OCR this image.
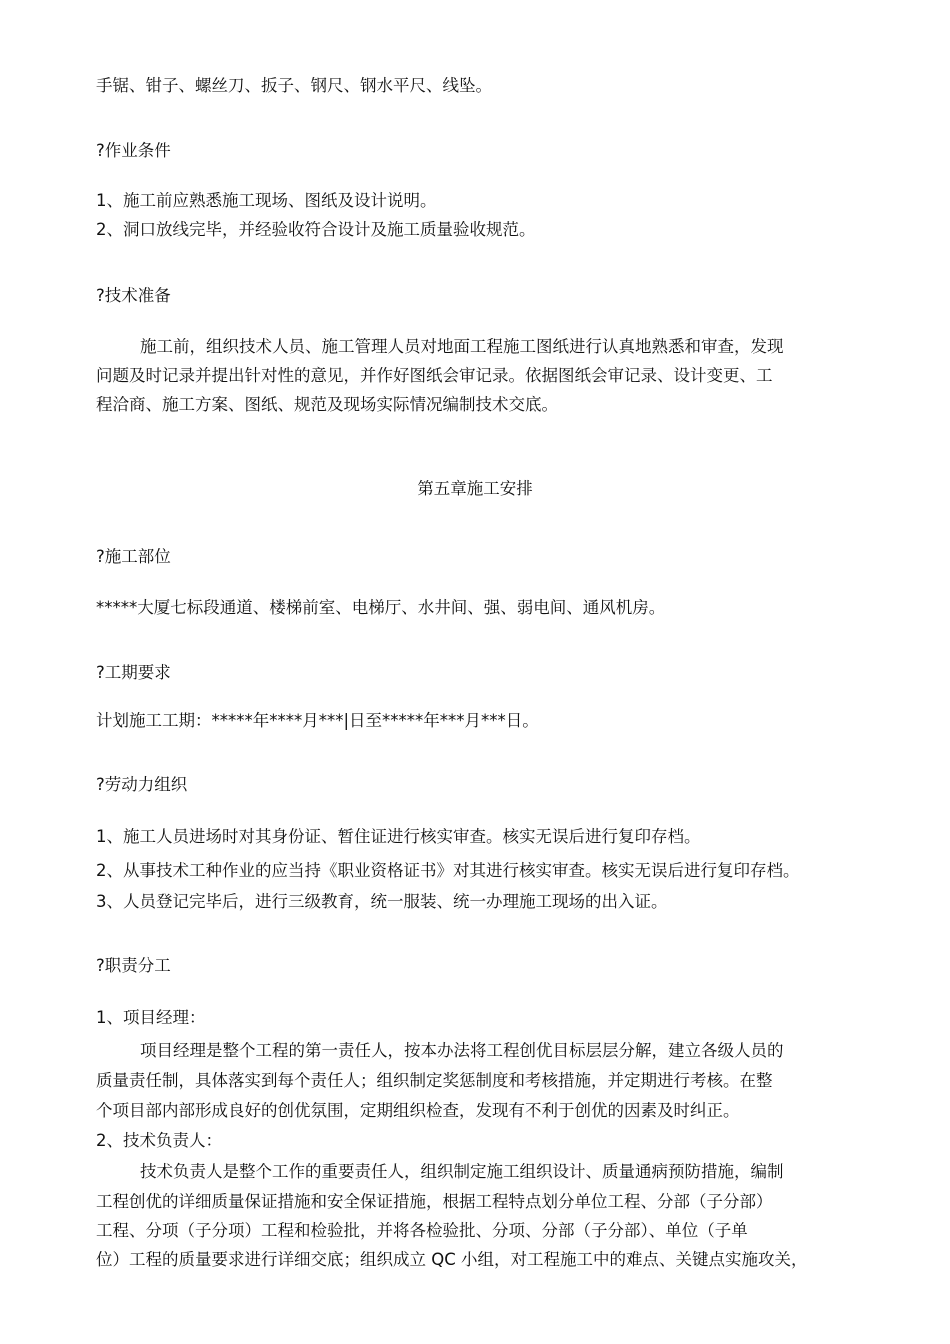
手锯、钳子、螺丝刀、扳子、钢尺、钢水平尺、线坠。

?作业条件

1、施工前应熟悉施工现场、图纸及设计说明。

2、洞口放线完毕，并经验收符合设计及施工质量验收规范。

?技术准备

施工前，组织技术人员、施工管理人员对地面工程施工图纸进行认真地熟悉和审查，发现

问题及时记录并提出针对性的意见，并作好图纸会审记录。依据图纸会审记录、设计变更、工

程洽商、施工方案、图纸、规范及现场实际情况编制技术交底。

第五章施工安排

?施工部位

*****大厦七标段通道、楼梯前室、电梯厅、水井间、强、弱电间、通风机房。

?工期要求

计划施工工期：*****年****月***|日至*****年***月***日。

?劳动力组织

1、施工人员进场时对其身份证、暂住证进行核实审查。核实无误后进行复印存档。

2、从事技术工种作业的应当持《职业资格证书》对其进行核实审查。核实无误后进行复印存档。

3、人员登记完毕后，进行三级教育，统一服装、统一办理施工现场的出入证。

?职责分工

1、项目经理：

项目经理是整个工程的第一责任人，按本办法将工程创优目标层层分解，建立各级人员的

质量责任制，具体落实到每个责任人；组织制定奖惩制度和考核措施，并定期进行考核。在整

个项目部内部形成良好的创优氛围，定期组织检查，发现有不利于创优的因素及时纠正。

2、技术负责人：

技术负责人是整个工作的重要责任人，组织制定施工组织设计、质量通病预防措施，编制

工程创优的详细质量保证措施和安全保证措施，根据工程特点划分单位工程、分部（子分部）

工程、分项（子分项）工程和检验批，并将各检验批、分项、分部（子分部）、单位（子单

位）工程的质量要求进行详细交底；组织成立 QC 小组，对工程施工中的难点、关键点实施攻关，
